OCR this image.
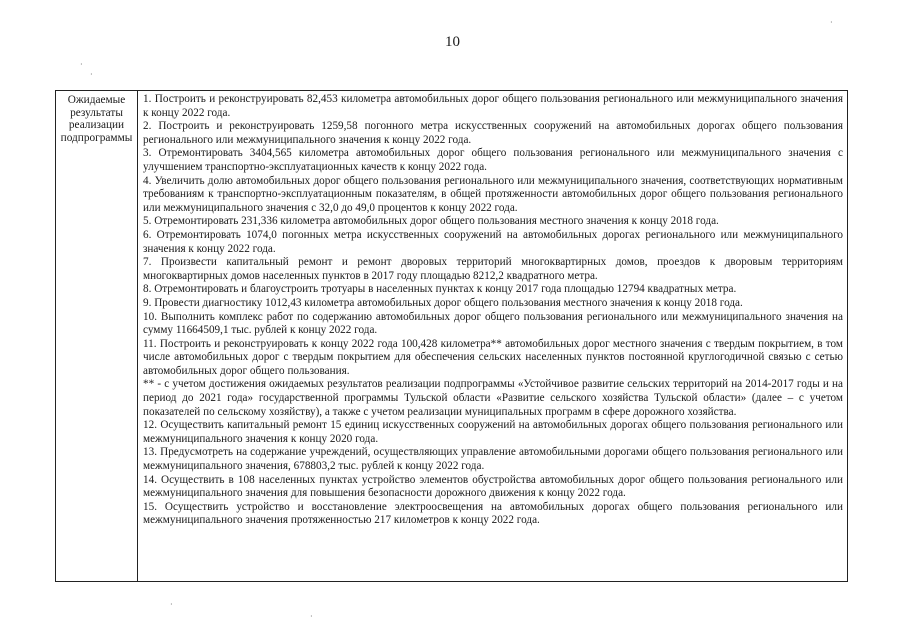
10
·
·
·
·
·
Ожидаемые результаты реализации подпрограммы

1. Построить и реконструировать 82,453 километра автомобильных дорог общего пользования регионального или межмуниципального значения к концу 2022 года.

2. Построить и реконструировать 1259,58 погонного метра искусственных сооружений на автомобильных дорогах общего пользования регионального или межмуниципального значения к концу 2022 года.

3. Отремонтировать 3404,565 километра автомобильных дорог общего пользования регионального или межмуниципального значения с улучшением транспортно-эксплуатационных качеств к концу 2022 года.

4. Увеличить долю автомобильных дорог общего пользования регионального или межмуниципального значения, соответствующих нормативным требованиям к транспортно-эксплуатационным показателям, в общей протяженности автомобильных дорог общего пользования регионального или межмуниципального значения с 32,0 до 49,0 процентов к концу 2022 года.

5. Отремонтировать 231,336 километра автомобильных дорог общего пользования местного значения к концу 2018 года.

6. Отремонтировать 1074,0 погонных метра искусственных сооружений на автомобильных дорогах регионального или межмуниципального значения к концу 2022 года.

7. Произвести капитальный ремонт и ремонт дворовых территорий многоквартирных домов, проездов к дворовым территориям многоквартирных домов населенных пунктов в 2017 году площадью 8212,2 квадратного метра.

8. Отремонтировать и благоустроить тротуары в населенных пунктах к концу 2017 года площадью 12794 квадратных метра.

9. Провести диагностику 1012,43 километра автомобильных дорог общего пользования местного значения к концу 2018 года.

10. Выполнить комплекс работ по содержанию автомобильных дорог общего пользования регионального или межмуниципального значения на сумму 11664509,1 тыс. рублей к концу 2022 года.

11. Построить и реконструировать к концу 2022 года 100,428 километра** автомобильных дорог местного значения с твердым покрытием, в том числе автомобильных дорог с твердым покрытием для обеспечения сельских населенных пунктов постоянной круглогодичной связью с сетью автомобильных дорог общего пользования.

** - с учетом достижения ожидаемых результатов реализации подпрограммы «Устойчивое развитие сельских территорий на 2014-2017 годы и на период до 2021 года» государственной программы Тульской области «Развитие сельского хозяйства Тульской области» (далее – с учетом показателей по сельскому хозяйству), а также с учетом реализации муниципальных программ в сфере дорожного хозяйства.

12. Осуществить капитальный ремонт 15 единиц искусственных сооружений на автомобильных дорогах общего пользования регионального или межмуниципального значения к концу 2020 года.

13. Предусмотреть на содержание учреждений, осуществляющих управление автомобильными дорогами общего пользования регионального или межмуниципального значения, 678803,2 тыс. рублей к концу 2022 года.

14. Осуществить в 108 населенных пунктах устройство элементов обустройства автомобильных дорог общего пользования регионального или межмуниципального значения для повышения безопасности дорожного движения к концу 2022 года.

15. Осуществить устройство и восстановление электроосвещения на автомобильных дорогах общего пользования регионального или межмуниципального значения протяженностью 217 километров к концу 2022 года.
